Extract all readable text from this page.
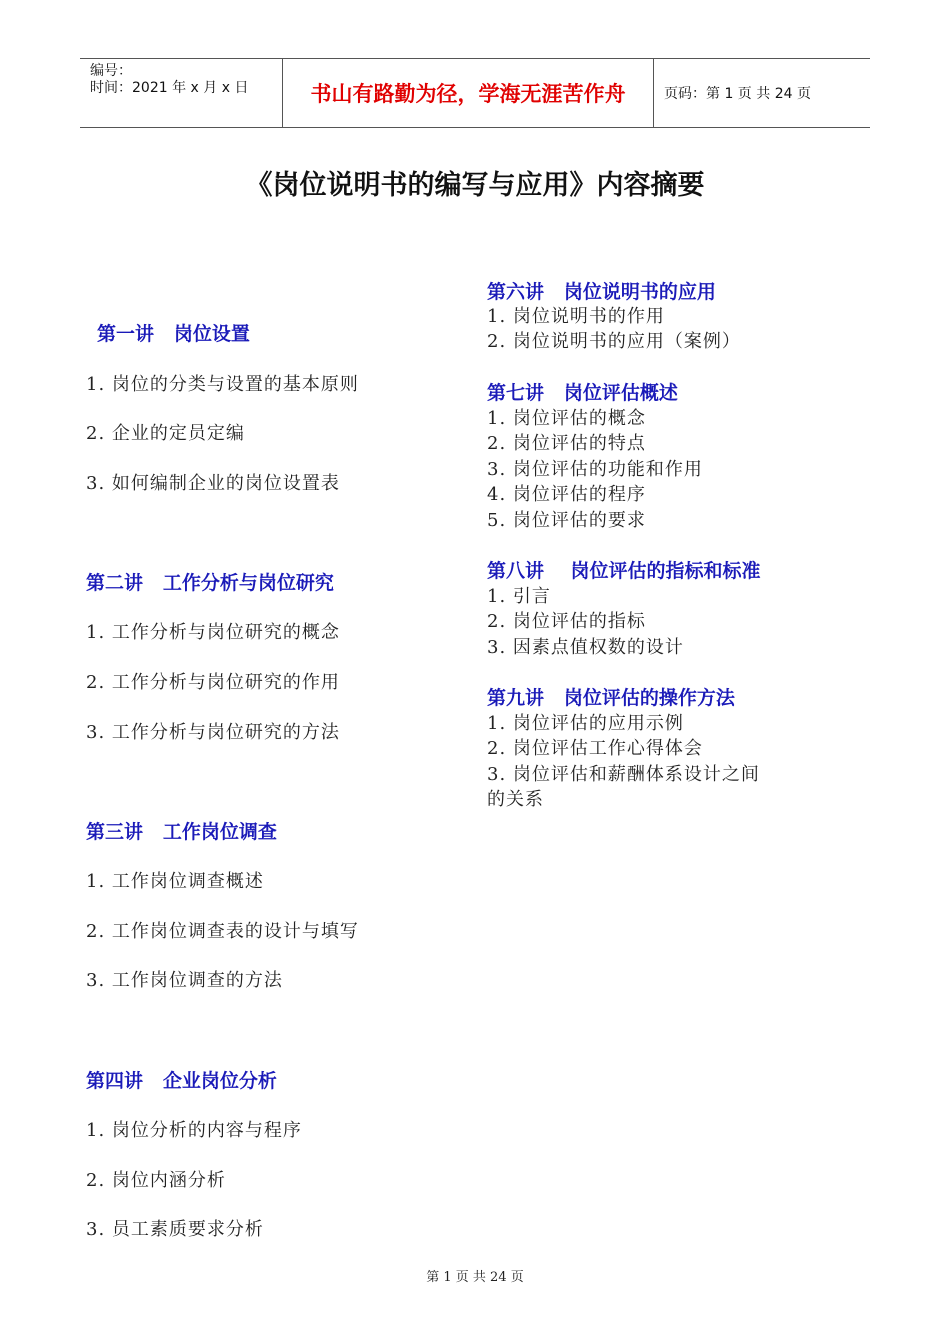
编号：
时间：2021 年 x 月 x 日	书山有路勤为径，学海无涯苦作舟	页码：第 1 页 共 24 页
《岗位说明书的编写与应用》内容摘要
第一讲   岗位设置
1. 岗位的分类与设置的基本原则
2. 企业的定员定编
3. 如何编制企业的岗位设置表
第二讲   工作分析与岗位研究
1. 工作分析与岗位研究的概念
2. 工作分析与岗位研究的作用
3. 工作分析与岗位研究的方法
第三讲   工作岗位调查
1. 工作岗位调查概述
2. 工作岗位调查表的设计与填写
3. 工作岗位调查的方法
第四讲   企业岗位分析
1. 岗位分析的内容与程序
2. 岗位内涵分析
3. 员工素质要求分析
第六讲   岗位说明书的应用
1. 岗位说明书的作用
2. 岗位说明书的应用（案例）
第七讲   岗位评估概述
1. 岗位评估的概念
2. 岗位评估的特点
3. 岗位评估的功能和作用
4. 岗位评估的程序
5. 岗位评估的要求
第八讲    岗位评估的指标和标准
1. 引言
2. 岗位评估的指标
3. 因素点值权数的设计
第九讲   岗位评估的操作方法
1. 岗位评估的应用示例
2. 岗位评估工作心得体会
3. 岗位评估和薪酬体系设计之间
的关系
第 1 页 共 24 页
